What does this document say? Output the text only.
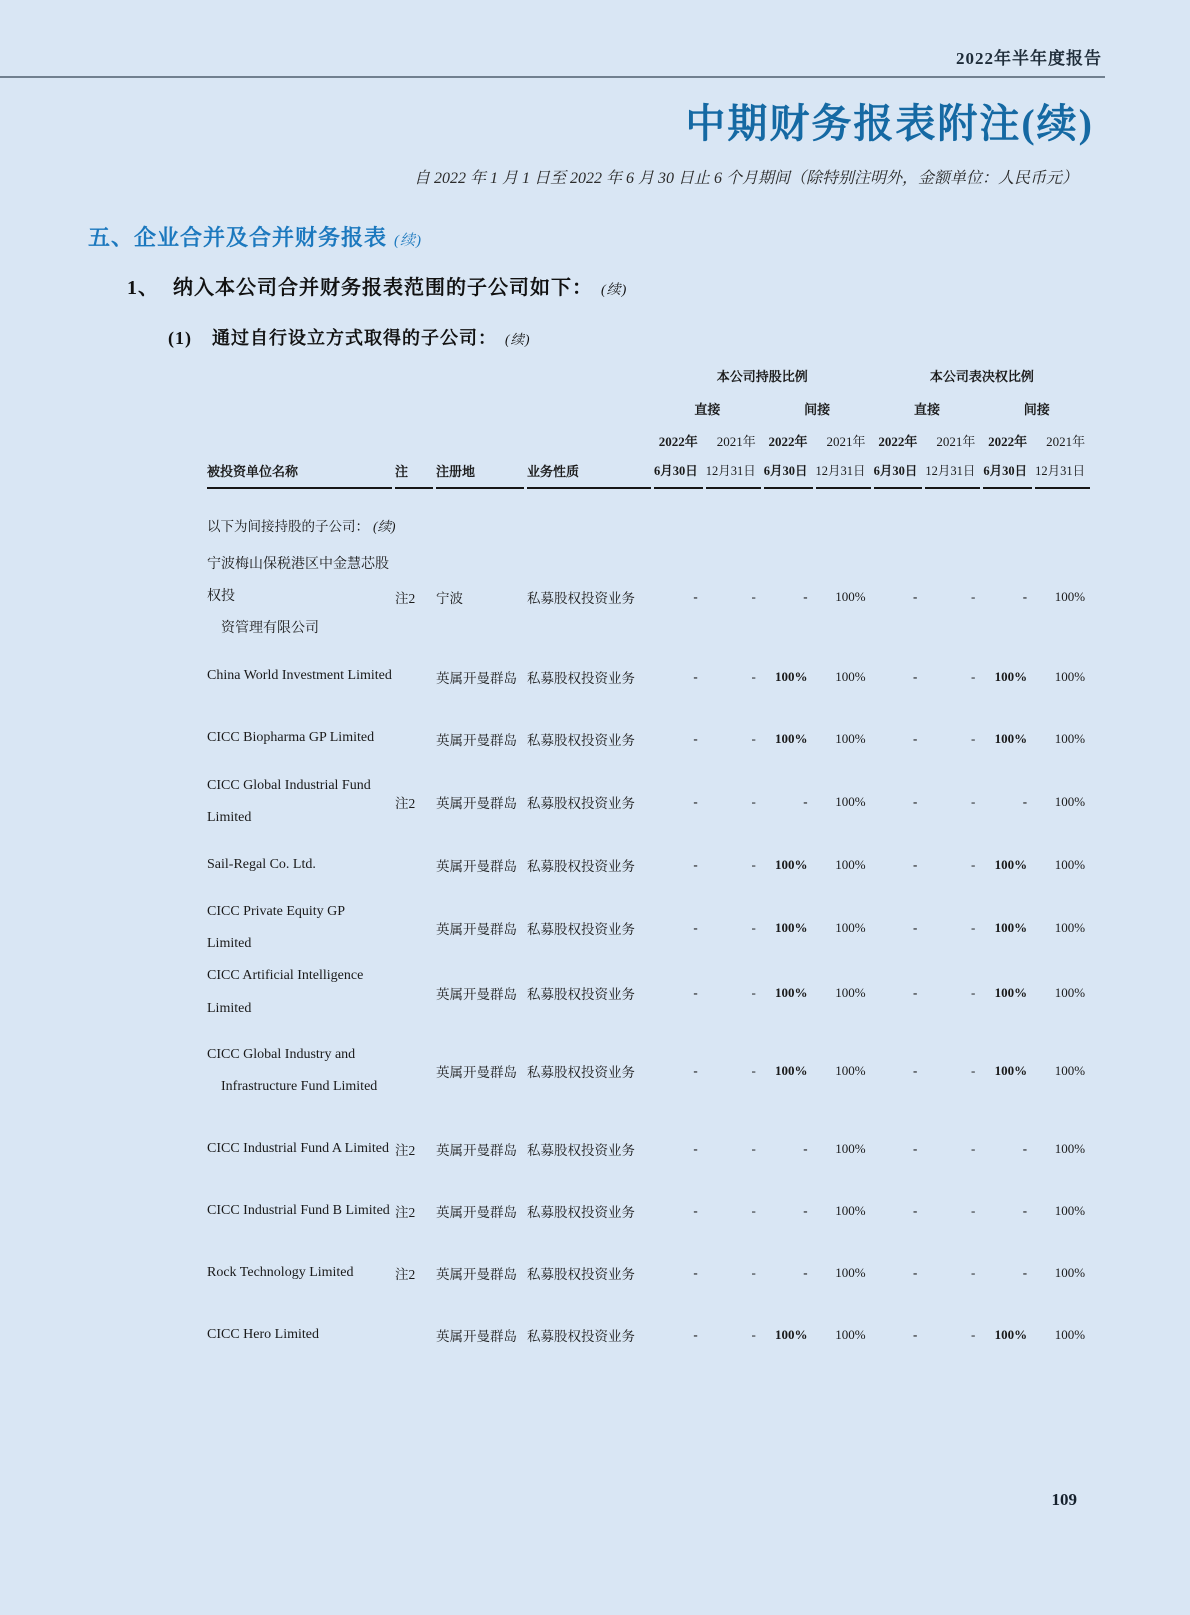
2022年半年度报告
中期财务报表附注(续)
自 2022 年 1 月 1 日至 2022 年 6 月 30 日止 6 个月期间（除特别注明外，金额单位：人民币元）
五、企业合并及合并财务报表 (续)
1、 纳入本公司合并财务报表范围的子公司如下： (续)
(1) 通过自行设立方式取得的子公司： (续)
				本公司持股比例				本公司表决权比例			
				直接		间接		直接		间接	
				2022年	2021年	2022年	2021年	2022年	2021年	2022年	2021年
被投资单位名称	注	注册地	业务性质	6月30日	12月31日	6月30日	12月31日	6月30日	12月31日	6月30日	12月31日
以下为间接持股的子公司： (续)											

宁波梅山保税港区中金慧芯股权投
资管理有限公司	注2	宁波	私募股权投资业务	-	-	-	100%	-	-	-	100%

China World Investment Limited		英属开曼群岛	私募股权投资业务	-	-	100%	100%	-	-	100%	100%

CICC Biopharma GP Limited		英属开曼群岛	私募股权投资业务	-	-	100%	100%	-	-	100%	100%

CICC Global Industrial Fund Limited	注2	英属开曼群岛	私募股权投资业务	-	-	-	100%	-	-	-	100%

Sail-Regal Co. Ltd.		英属开曼群岛	私募股权投资业务	-	-	100%	100%	-	-	100%	100%

CICC Private Equity GP Limited		英属开曼群岛	私募股权投资业务	-	-	100%	100%	-	-	100%	100%

CICC Artificial Intelligence Limited		英属开曼群岛	私募股权投资业务	-	-	100%	100%	-	-	100%	100%

CICC Global Industry and
Infrastructure Fund Limited		英属开曼群岛	私募股权投资业务	-	-	100%	100%	-	-	100%	100%

CICC Industrial Fund A Limited	注2	英属开曼群岛	私募股权投资业务	-	-	-	100%	-	-	-	100%

CICC Industrial Fund B Limited	注2	英属开曼群岛	私募股权投资业务	-	-	-	100%	-	-	-	100%

Rock Technology Limited	注2	英属开曼群岛	私募股权投资业务	-	-	-	100%	-	-	-	100%

CICC Hero Limited		英属开曼群岛	私募股权投资业务	-	-	100%	100%	-	-	100%	100%
109
